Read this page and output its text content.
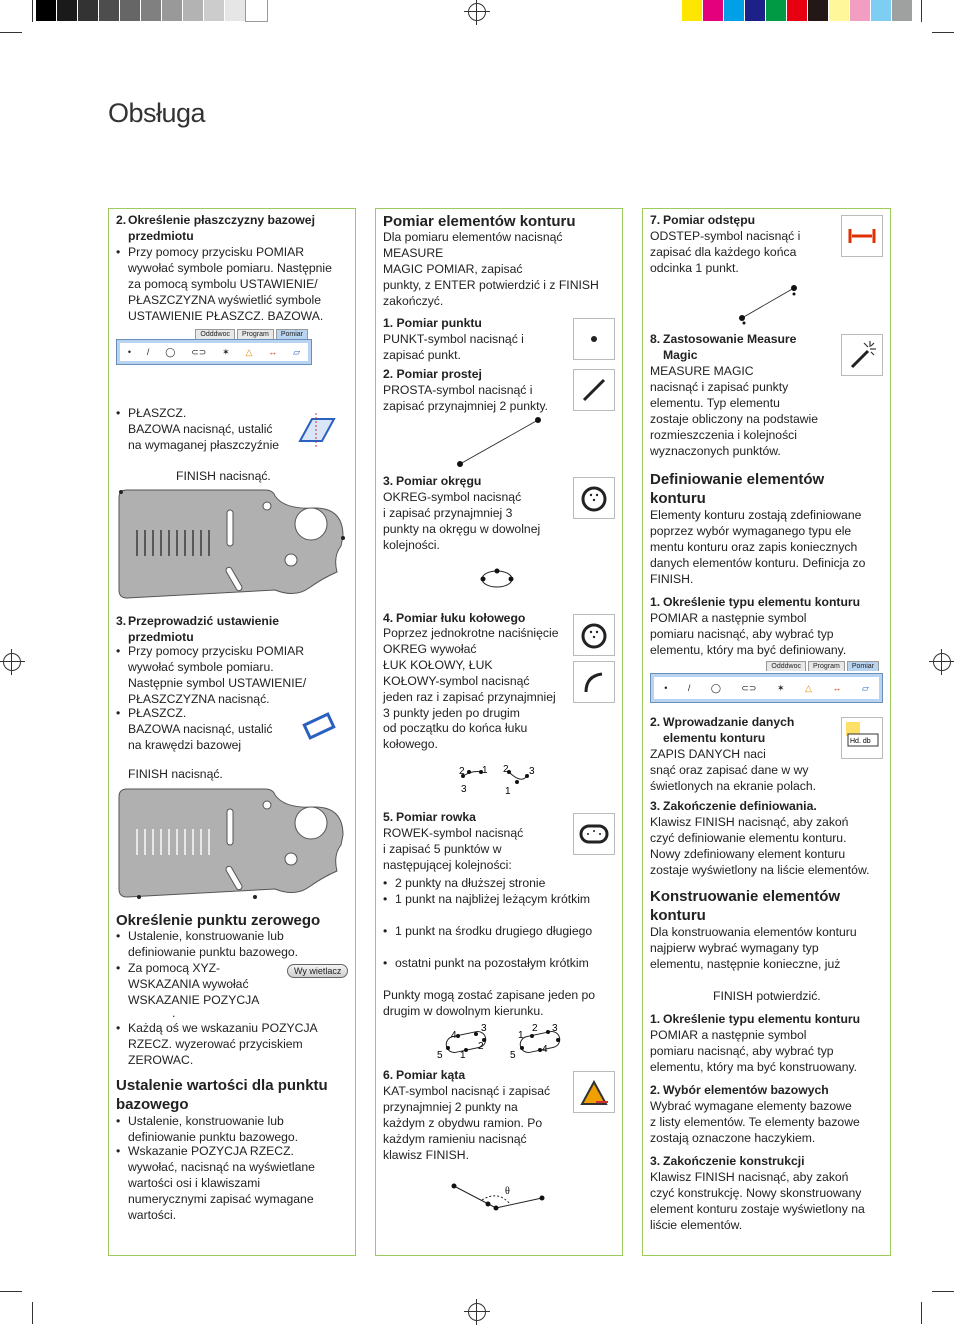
Obsługa
2. Określenie płaszczyzny bazowej
przedmiotu
• Przy pomocy przycisku POMIAR
wywołać symbole pomiaru. Następnie
za pomocą symbolu USTAWIENIE/
PŁASZCZYZNA wyświetlić symbole
USTAWIENIE PŁASZCZ. BAZOWA.
Odddwoc	Program	Pomiar
• / ◯ ⊂⊃ ✶ △ ↔ ▱
• PŁASZCZ.
BAZOWA nacisnąć, ustalić
na wymaganej płaszczyźnie
FINISH nacisnąć.
3. Przeprowadzić ustawienie
przedmiotu
• Przy pomocy przycisku POMIAR
wywołać symbole pomiaru.
Następnie symbol USTAWIENIE/
PŁASZCZYZNA nacisnąć.
• PŁASZCZ.
BAZOWA nacisnąć, ustalić
na krawędzi bazowej
FINISH nacisnąć.
Określenie punktu zerowego
• Ustalenie, konstruowanie lub
definiowanie punktu bazowego.
• Za pomocą XYZ-
WSKAZANIA wywołać
WSKAZANIE POZYCJA
Wy wietlacz
.
• Każdą oś we wskazaniu POZYCJA
RZECZ. wyzerować przyciskiem
ZEROWAC.
Ustalenie wartości dla punktu
bazowego
• Ustalenie, konstruowanie lub
definiowanie punktu bazowego.
• Wskazanie POZYCJA RZECZ.
wywołać, nacisnąć na wyświetlane
wartości osi i klawiszami
numerycznymi zapisać wymagane
wartości.
Pomiar elementów konturu
Dla pomiaru elementów nacisnąć
MEASURE
MAGIC POMIAR, zapisać
punkty, z ENTER potwierdzić i z FINISH
zakończyć.
1. Pomiar punktu
PUNKT-symbol nacisnąć i
zapisać punkt.
2. Pomiar prostej
PROSTA-symbol nacisnąć i
zapisać przynajmniej 2 punkty.
3. Pomiar okręgu
OKREG-symbol nacisnąć
i zapisać przynajmniej 3
punkty na okręgu w dowolnej
kolejności.
4. Pomiar łuku kołowego
Poprzez jednokrotne naciśnięcie
OKREG wywołać
ŁUK KOŁOWY, ŁUK
KOŁOWY-symbol nacisnąć
jeden raz i zapisać przynajmniej
3 punkty jeden po drugim
od początku do końca łuku
kołowego.
2 1
3
2 3
1
5. Pomiar rowka
ROWEK-symbol nacisnąć
i zapisać 5 punktów w
następującej kolejności:
• 2 punkty na dłuższej stronie
• 1 punkt na najbliżej leżącym krótkim
• 1 punkt na środku drugiego długiego
• ostatni punkt na pozostałym krótkim
Punkty mogą zostać zapisane jeden po
drugim w dowolnym kierunku.
4
3
2
5 1
1
2 3
5
4
6. Pomiar kąta
KAT-symbol nacisnąć i zapisać
przynajmniej 2 punkty na
każdym z obydwu ramion. Po
każdym ramieniu nacisnąć
klawisz FINISH.
θ
7. Pomiar odstępu
ODSTEP-symbol nacisnąć i
zapisać dla każdego końca
odcinka 1 punkt.
8. Zastosowanie Measure
Magic
MEASURE MAGIC
nacisnąć i zapisać punkty
elementu. Typ elementu
zostaje obliczony na podstawie
rozmieszczenia i kolejności
wyznaczonych punktów.
Definiowanie elementów
konturu
Elementy konturu zostają zdefiniowane
poprzez wybór wymaganego typu ele
mentu konturu oraz zapis koniecznych
danych elementów konturu. Definicja zo
FINISH.
1. Określenie typu elementu konturu
POMIAR a następnie symbol
pomiaru nacisnąć, aby wybrać typ
elementu, który ma być definiowany.
Odddwoc	Program	Pomiar
• / ◯ ⊂⊃ ✶ △ ↔ ▱
2. Wprowadzanie danych
elementu konturu
ZAPIS DANYCH naci
snąć oraz zapisać dane w wy
świetlonych na ekranie polach.
Hd. db
3. Zakończenie definiowania.
Klawisz FINISH nacisnąć, aby zakoń
czyć definiowanie elementu konturu.
Nowy zdefiniowany element konturu
zostaje wyświetlony na liście elementów.
Konstruowanie elementów
konturu
Dla konstruowania elementów konturu
najpierw wybrać wymagany typ
elementu, następnie konieczne, już
FINISH potwierdzić.
1. Określenie typu elementu konturu
POMIAR a następnie symbol
pomiaru nacisnąć, aby wybrać typ
elementu, który ma być konstruowany.
2. Wybór elementów bazowych
Wybrać wymagane elementy bazowe
z listy elementów. Te elementy bazowe
zostają oznaczone haczykiem.
3. Zakończenie konstrukcji
Klawisz FINISH nacisnąć, aby zakoń
czyć konstrukcję. Nowy skonstruowany
element konturu zostaje wyświetlony na
liście elementów.
